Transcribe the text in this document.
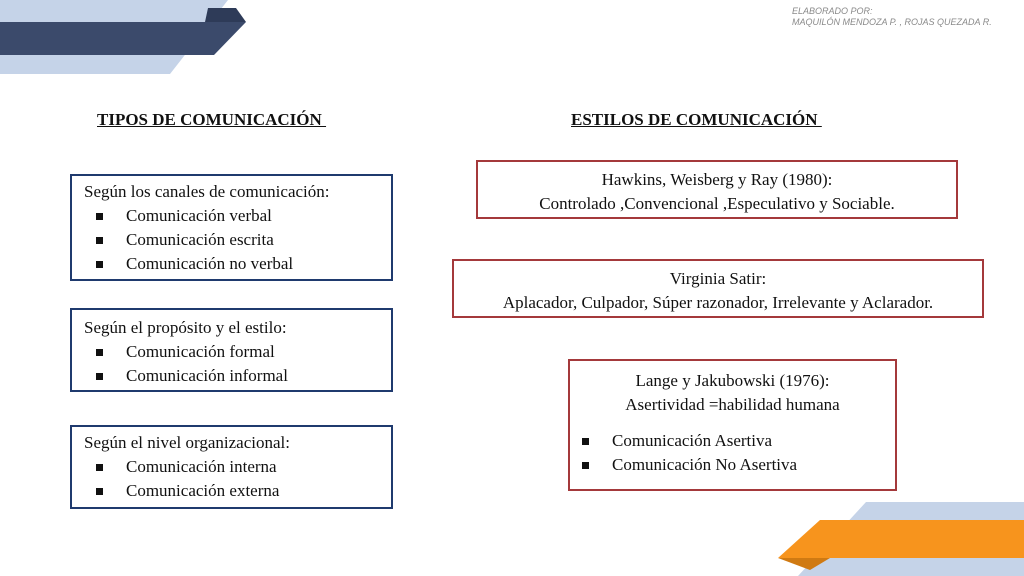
ELABORADO POR:
MAQUILÓN MENDOZA P. , ROJAS QUEZADA R.
TIPOS DE COMUNICACIÓN
Según los canales de comunicación:
Comunicación verbal
Comunicación escrita
Comunicación no verbal
Según el propósito y el estilo:
Comunicación formal
Comunicación informal
Según el nivel organizacional:
Comunicación interna
Comunicación externa
ESTILOS DE COMUNICACIÓN
Hawkins, Weisberg y Ray (1980):
Controlado ,Convencional ,Especulativo y Sociable.
Virginia Satir:
Aplacador, Culpador, Súper razonador, Irrelevante y Aclarador.
Lange y Jakubowski (1976):
Asertividad =habilidad humana
Comunicación Asertiva
Comunicación No Asertiva
